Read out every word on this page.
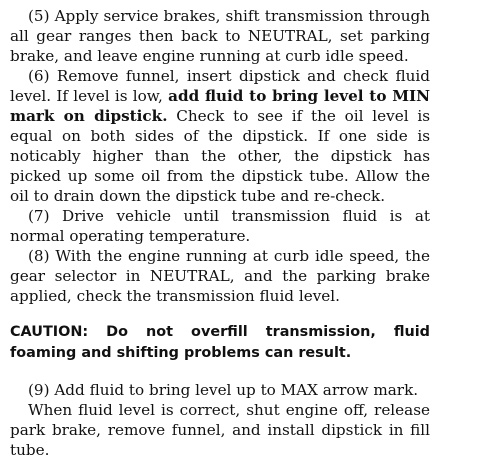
(5) Apply service brakes, shift transmission through all gear ranges then back to NEUTRAL, set parking brake, and leave engine running at curb idle speed.

(6) Remove funnel, insert dipstick and check fluid level. If level is low, add fluid to bring level to MIN mark on dipstick. Check to see if the oil level is equal on both sides of the dipstick. If one side is noticably higher than the other, the dipstick has picked up some oil from the dipstick tube. Allow the oil to drain down the dipstick tube and re-check.

(7) Drive vehicle until transmission fluid is at normal operating temperature.

(8) With the engine running at curb idle speed, the gear selector in NEUTRAL, and the parking brake applied, check the transmission fluid level.

CAUTION: Do not overfill transmission, fluid foaming and shifting problems can result.

(9) Add fluid to bring level up to MAX arrow mark.

When fluid level is correct, shut engine off, release park brake, remove funnel, and install dipstick in fill tube.
